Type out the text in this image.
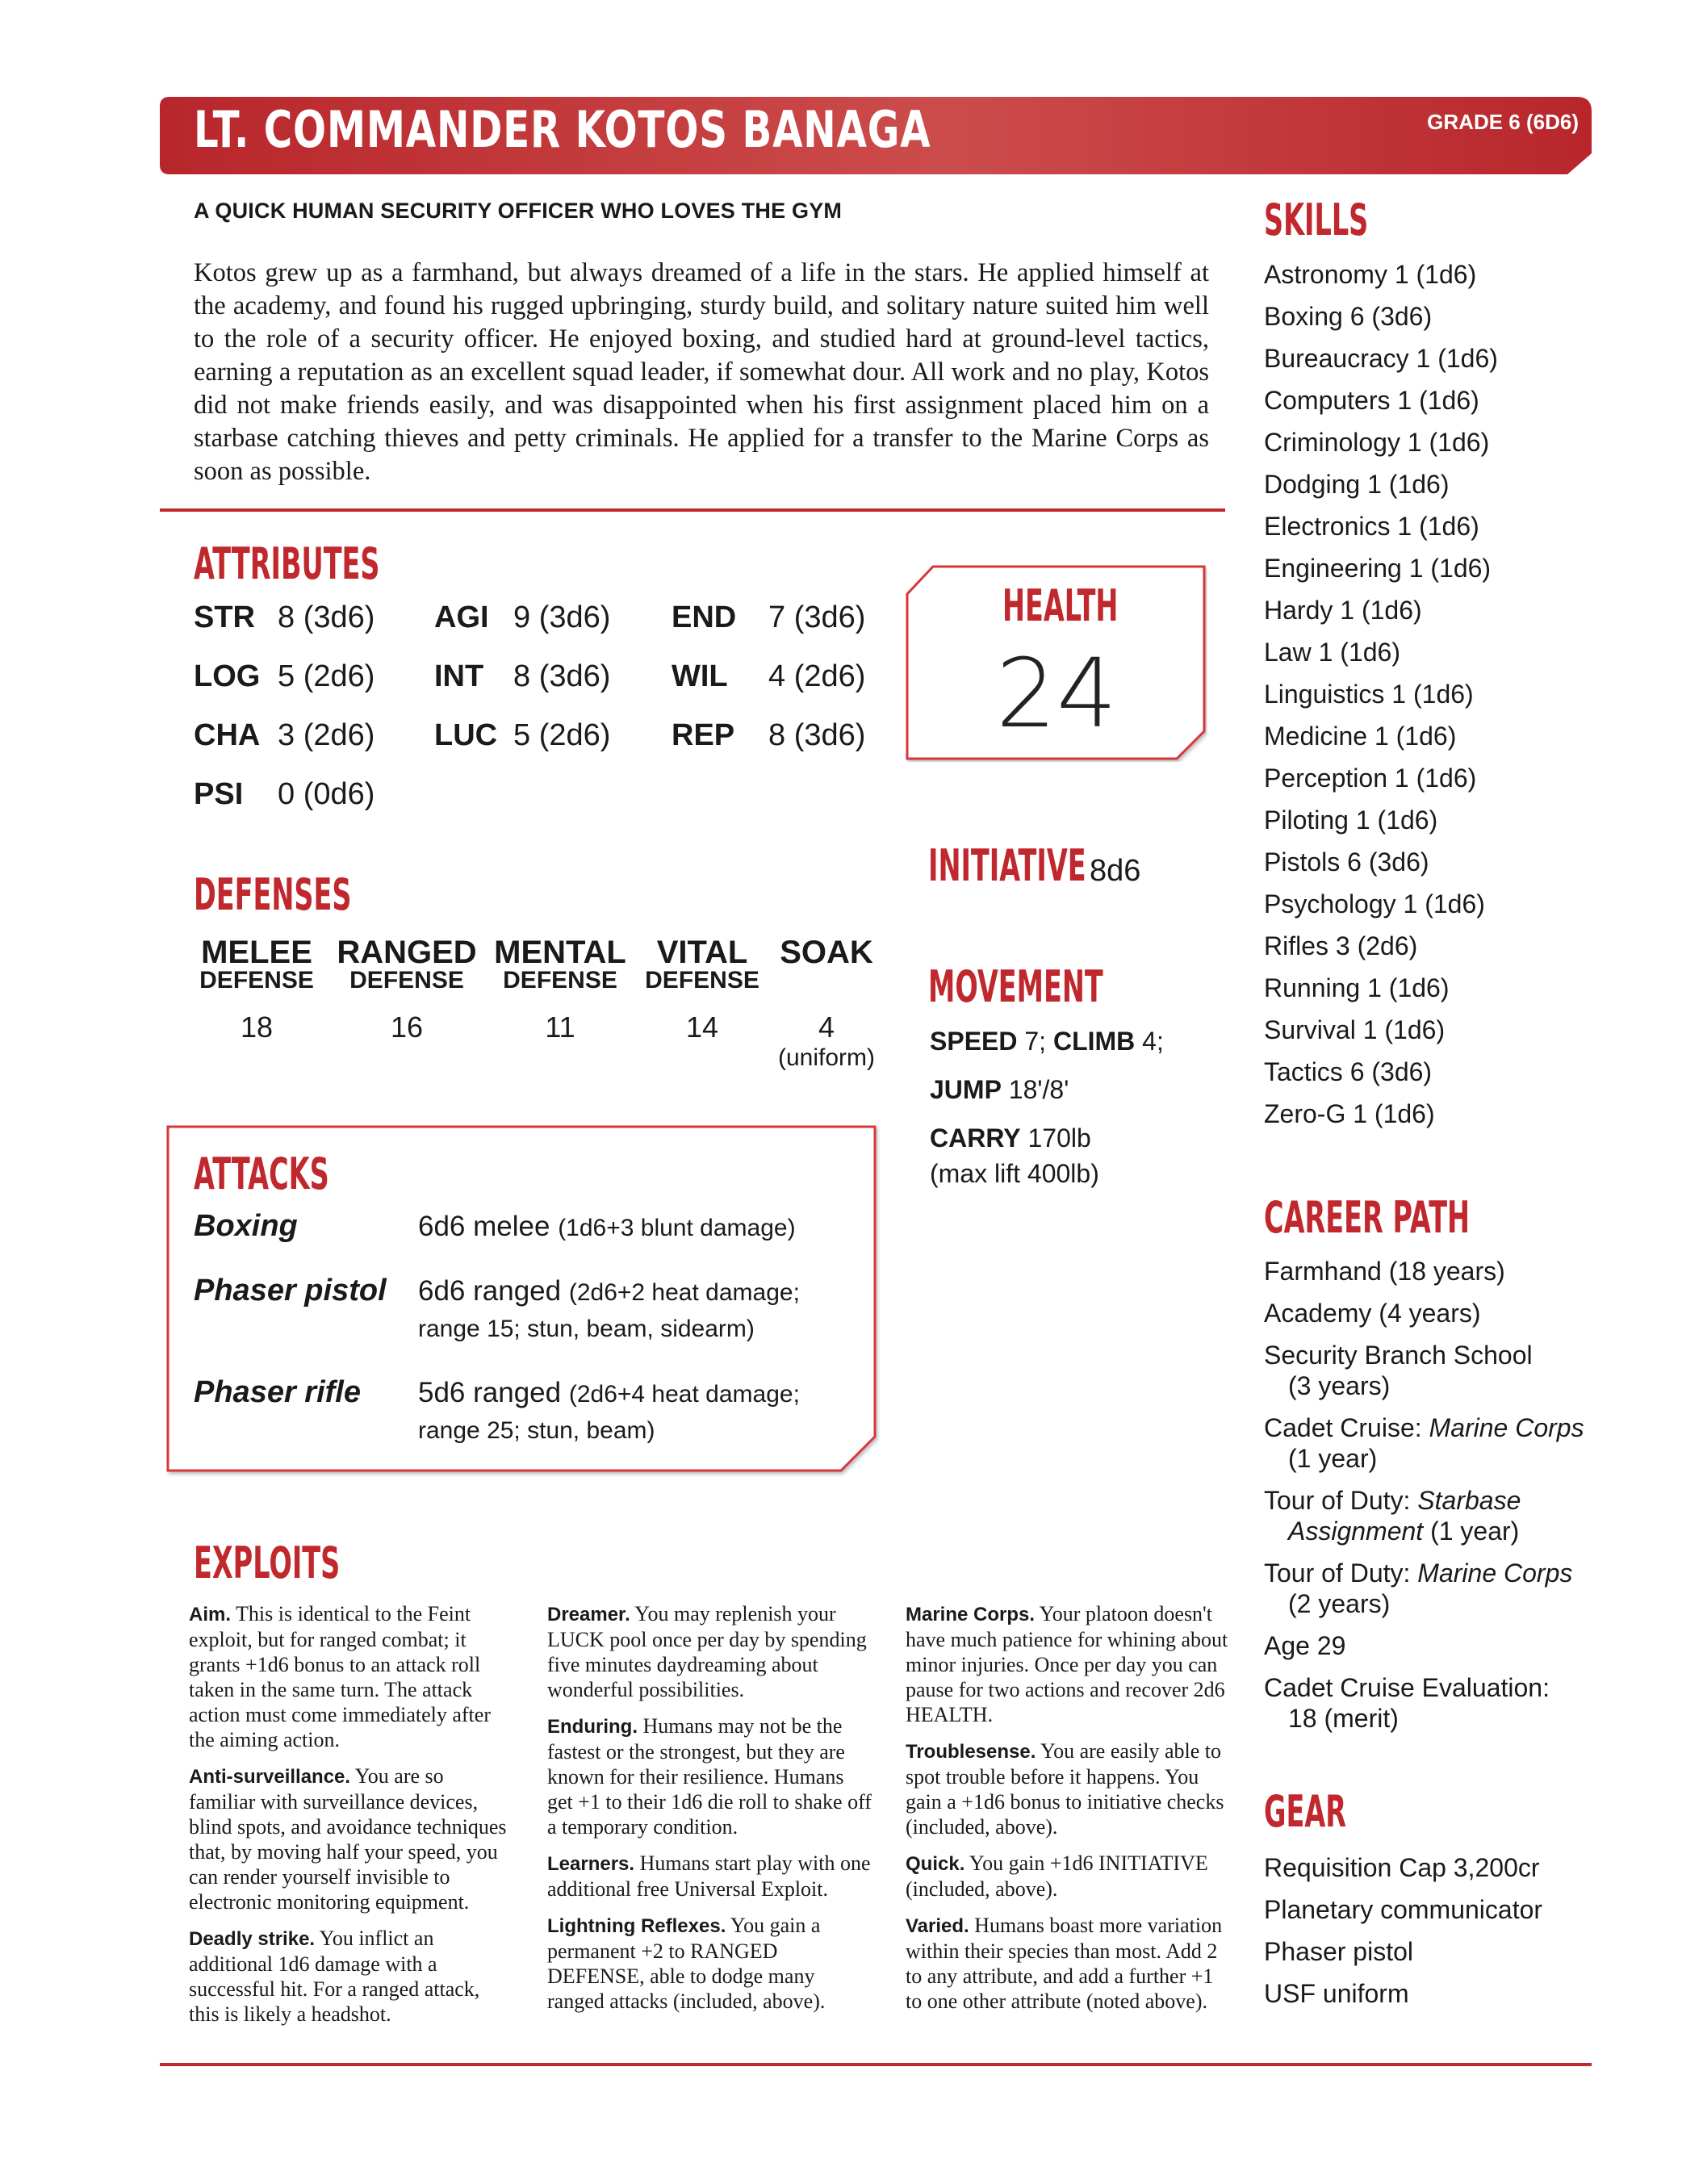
LT. COMMANDER KOTOS BANAGA	GRADE 6 (6D6)
A QUICK HUMAN SECURITY OFFICER WHO LOVES THE GYM
Kotos grew up as a farmhand, but always dreamed of a life in the stars. He applied himself at the academy, and found his rugged upbringing, sturdy build, and solitary nature suited him well to the role of a security officer. He enjoyed boxing, and studied hard at ground-level tactics, earning a reputation as an excellent squad leader, if somewhat dour. All work and no play, Kotos did not make friends easily, and was disappointed when his first assignment placed him on a starbase catching thieves and petty criminals. He applied for a transfer to the Marine Corps as soon as possible.
ATTRIBUTES
STR 8 (3d6) AGI 9 (3d6) END 7 (3d6)
LOG 5 (2d6) INT 8 (3d6) WIL 4 (2d6)
CHA 3 (2d6) LUC 5 (2d6) REP 8 (3d6)
PSI 0 (0d6)
HEALTH
24
INITIATIVE 8d6
DEFENSES
MELEE
DEFENSE
18
RANGED
DEFENSE
16
MENTAL
DEFENSE
11
VITAL
DEFENSE
14
SOAK
4
(uniform)
MOVEMENT
SPEED 7; CLIMB 4;
JUMP 18'/8'
CARRY 170lb
(max lift 400lb)
ATTACKS
Boxing	6d6 melee (1d6+3 blunt damage)
Phaser pistol 6d6 ranged (2d6+2 heat damage;
range 15; stun, beam, sidearm)
Phaser rifle 5d6 ranged (2d6+4 heat damage;
range 25; stun, beam)
EXPLOITS

Aim. This is identical to the Feint exploit, but for ranged combat; it grants +1d6 bonus to an attack roll taken in the same turn. The attack action must come immediately after the aiming action.

Anti-surveillance. You are so familiar with surveillance devices, blind spots, and avoidance techniques that, by moving half your speed, you can render yourself invisible to electronic monitoring equipment.

Deadly strike. You inflict an additional 1d6 damage with a successful hit. For a ranged attack, this is likely a headshot.

Dreamer. You may replenish your LUCK pool once per day by spending five minutes daydreaming about wonderful possibilities.

Enduring. Humans may not be the fastest or the strongest, but they are known for their resilience. Humans get +1 to their 1d6 die roll to shake off a temporary condition.

Learners. Humans start play with one additional free Universal Exploit.

Lightning Reflexes. You gain a permanent +2 to RANGED DEFENSE, able to dodge many ranged attacks (included, above).

Marine Corps. Your platoon doesn't have much patience for whining about minor injuries. Once per day you can pause for two actions and recover 2d6 HEALTH.

Troublesense. You are easily able to spot trouble before it happens. You gain a +1d6 bonus to initiative checks (included, above).

Quick. You gain +1d6 INITIATIVE (included, above).

Varied. Humans boast more variation within their species than most. Add 2 to any attribute, and add a further +1 to one other attribute (noted above).

SKILLS
Astronomy 1 (1d6)
Boxing 6 (3d6)
Bureaucracy 1 (1d6)
Computers 1 (1d6)
Criminology 1 (1d6)
Dodging 1 (1d6)
Electronics 1 (1d6)
Engineering 1 (1d6)
Hardy 1 (1d6)
Law 1 (1d6)
Linguistics 1 (1d6)
Medicine 1 (1d6)
Perception 1 (1d6)
Piloting 1 (1d6)
Pistols 6 (3d6)
Psychology 1 (1d6)
Rifles 3 (2d6)
Running 1 (1d6)
Survival 1 (1d6)
Tactics 6 (3d6)
Zero-G 1 (1d6)
CAREER PATH
Farmhand (18 years)
Academy (4 years)
Security Branch School
(3 years)
Cadet Cruise: Marine Corps
(1 year)
Tour of Duty: Starbase
Assignment (1 year)
Tour of Duty: Marine Corps
(2 years)
Age 29
Cadet Cruise Evaluation:
18 (merit)
GEAR
Requisition Cap 3,200cr
Planetary communicator
Phaser pistol
USF uniform
